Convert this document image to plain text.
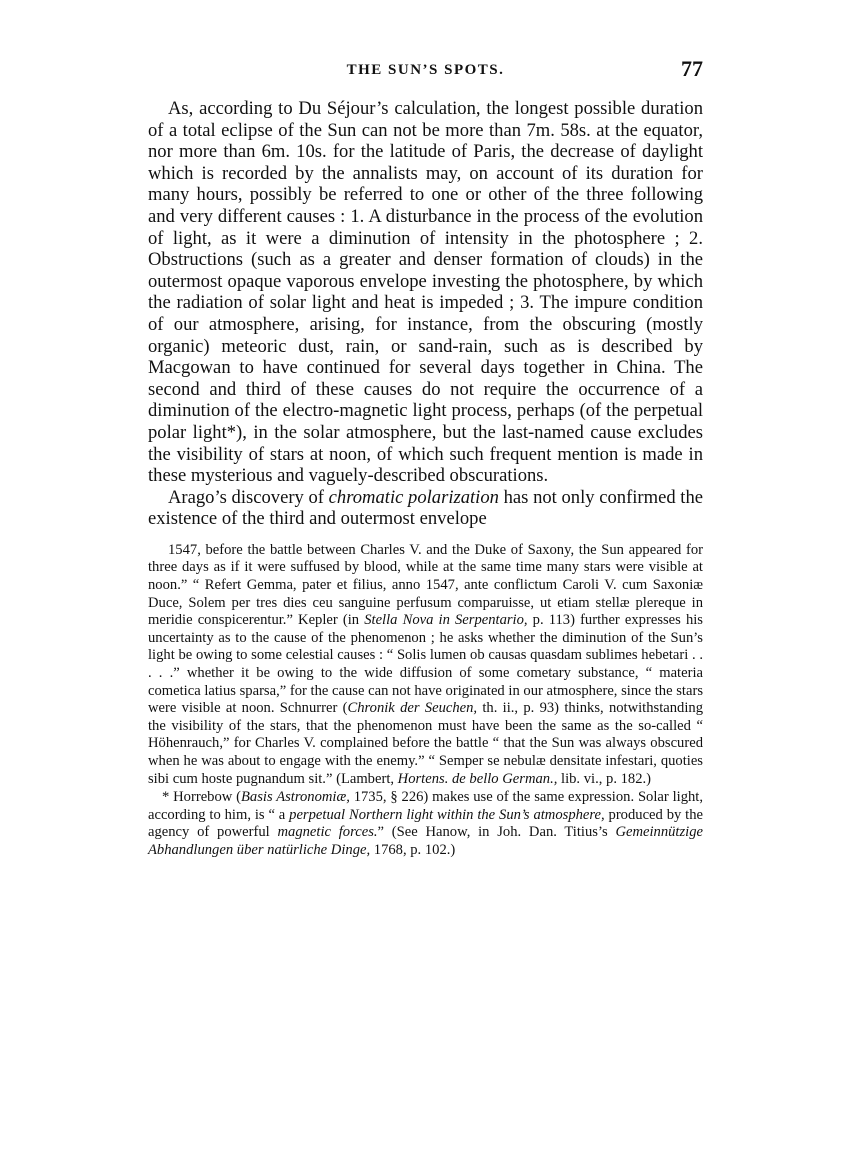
THE SUN’S SPOTS.	77

As, according to Du Séjour’s calculation, the longest possible duration of a total eclipse of the Sun can not be more than 7m. 58s. at the equator, nor more than 6m. 10s. for the latitude of Paris, the decrease of daylight which is recorded by the annalists may, on account of its duration for many hours, possibly be referred to one or other of the three following and very different causes : 1. A disturbance in the process of the evolution of light, as it were a diminution of intensity in the photosphere ; 2. Obstructions (such as a greater and denser formation of clouds) in the outermost opaque vaporous envelope investing the photosphere, by which the radiation of solar light and heat is impeded ; 3. The impure condition of our atmosphere, arising, for instance, from the obscuring (mostly organic) meteoric dust, rain, or sand-rain, such as is described by Macgowan to have continued for several days together in China. The second and third of these causes do not require the occurrence of a diminution of the electro-magnetic light process, perhaps (of the perpetual polar light*), in the solar atmosphere, but the last-named cause excludes the visibility of stars at noon, of which such frequent mention is made in these mysterious and vaguely-described obscurations.

Arago’s discovery of chromatic polarization has not only confirmed the existence of the third and outermost envelope

1547, before the battle between Charles V. and the Duke of Saxony, the Sun appeared for three days as if it were suffused by blood, while at the same time many stars were visible at noon.” “ Refert Gemma, pater et filius, anno 1547, ante conflictum Caroli V. cum Saxoniæ Duce, Solem per tres dies ceu sanguine perfusum comparuisse, ut etiam stellæ plereque in meridie conspicerentur.” Kepler (in Stella Nova in Serpentario, p. 113) further expresses his uncertainty as to the cause of the phenomenon ; he asks whether the diminution of the Sun’s light be owing to some celestial causes : “ Solis lumen ob causas quasdam sublimes hebetari . . . . .” whether it be owing to the wide diffusion of some cometary substance, “ materia cometica latius sparsa,” for the cause can not have originated in our atmosphere, since the stars were visible at noon. Schnurrer (Chronik der Seuchen, th. ii., p. 93) thinks, notwithstanding the visibility of the stars, that the phenomenon must have been the same as the so-called “ Höhenrauch,” for Charles V. complained before the battle “ that the Sun was always obscured when he was about to engage with the enemy.” “ Semper se nebulæ densitate infestari, quoties sibi cum hoste pugnandum sit.” (Lambert, Hortens. de bello German., lib. vi., p. 182.)

* Horrebow (Basis Astronomiæ, 1735, § 226) makes use of the same expression. Solar light, according to him, is “ a perpetual Northern light within the Sun’s atmosphere, produced by the agency of powerful magnetic forces.” (See Hanow, in Joh. Dan. Titius’s Gemeinnützige Abhandlungen über natürliche Dinge, 1768, p. 102.)
